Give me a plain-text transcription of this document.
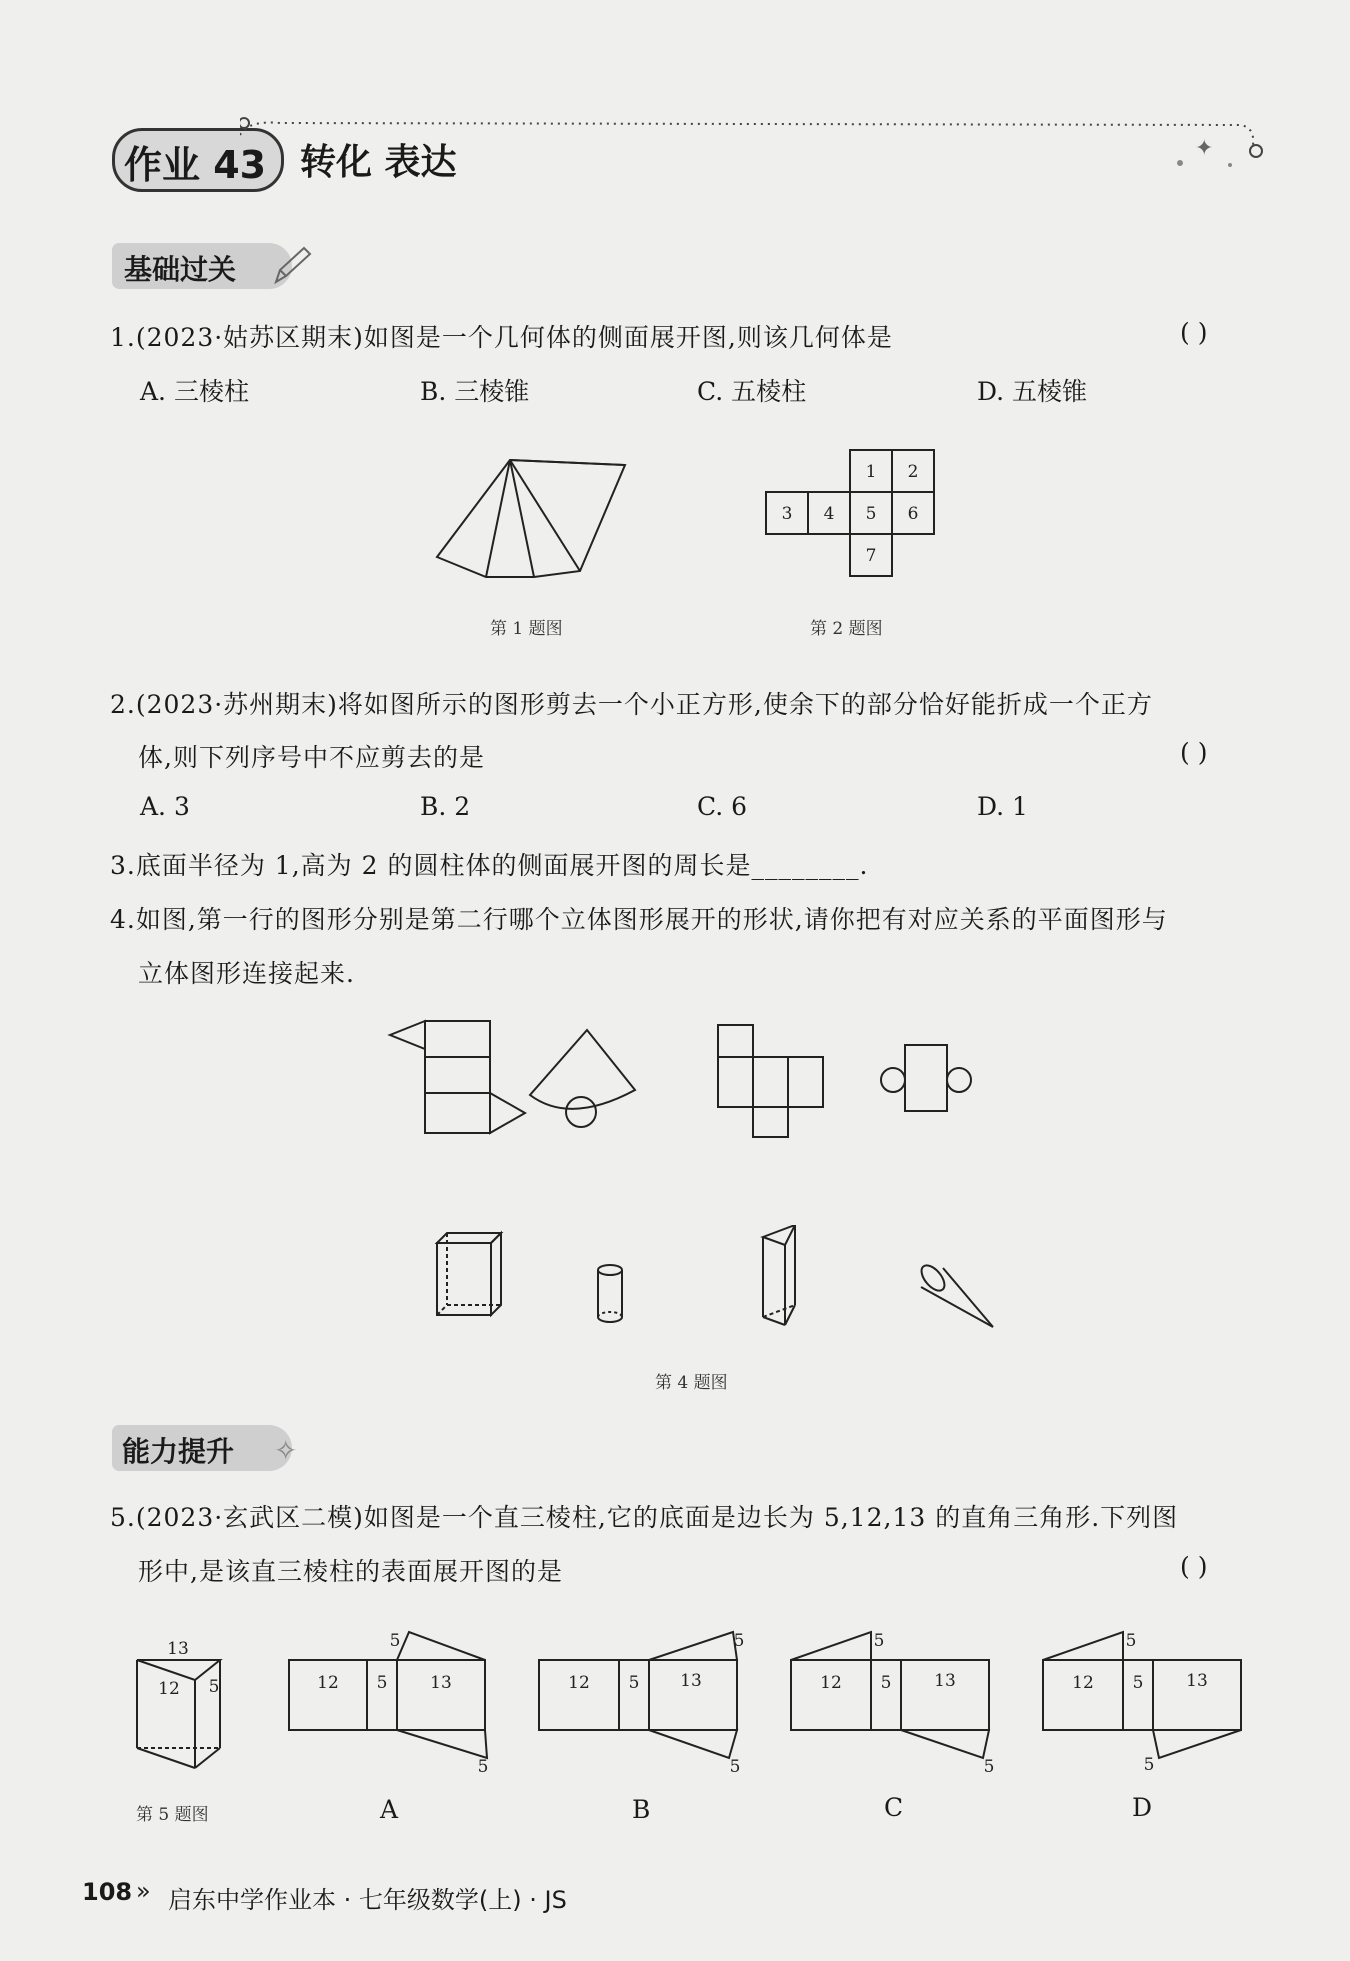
作业 43 转化 表达	✦
基础过关
1.(2023·姑苏区期末)如图是一个几何体的侧面展开图,则该几何体是	( )
A. 三棱柱	B. 三棱锥	C. 五棱柱	D. 五棱锥
第 1 题图
1 2
3 4 5 6
7
第 2 题图
2.(2023·苏州期末)将如图所示的图形剪去一个小正方形,使余下的部分恰好能折成一个正方
体,则下列序号中不应剪去的是	( )
A. 3	B. 2	C. 6	D. 1
3.底面半径为 1,高为 2 的圆柱体的侧面展开图的周长是________.
4.如图,第一行的图形分别是第二行哪个立体图形展开的形状,请你把有对应关系的平面图形与
立体图形连接起来.
第 4 题图
能力提升 ✧
5.(2023·玄武区二模)如图是一个直三棱柱,它的底面是边长为 5,12,13 的直角三角形.下列图
形中,是该直三棱柱的表面展开图的是	( )
13
12 5	12 5	13
5
5
12 5 13
5
5
12 5	13
5
5
12 5	13
5
5
第 5 题图	A	B	C	D
108 » 启东中学作业本 · 七年级数学(上) · JS
